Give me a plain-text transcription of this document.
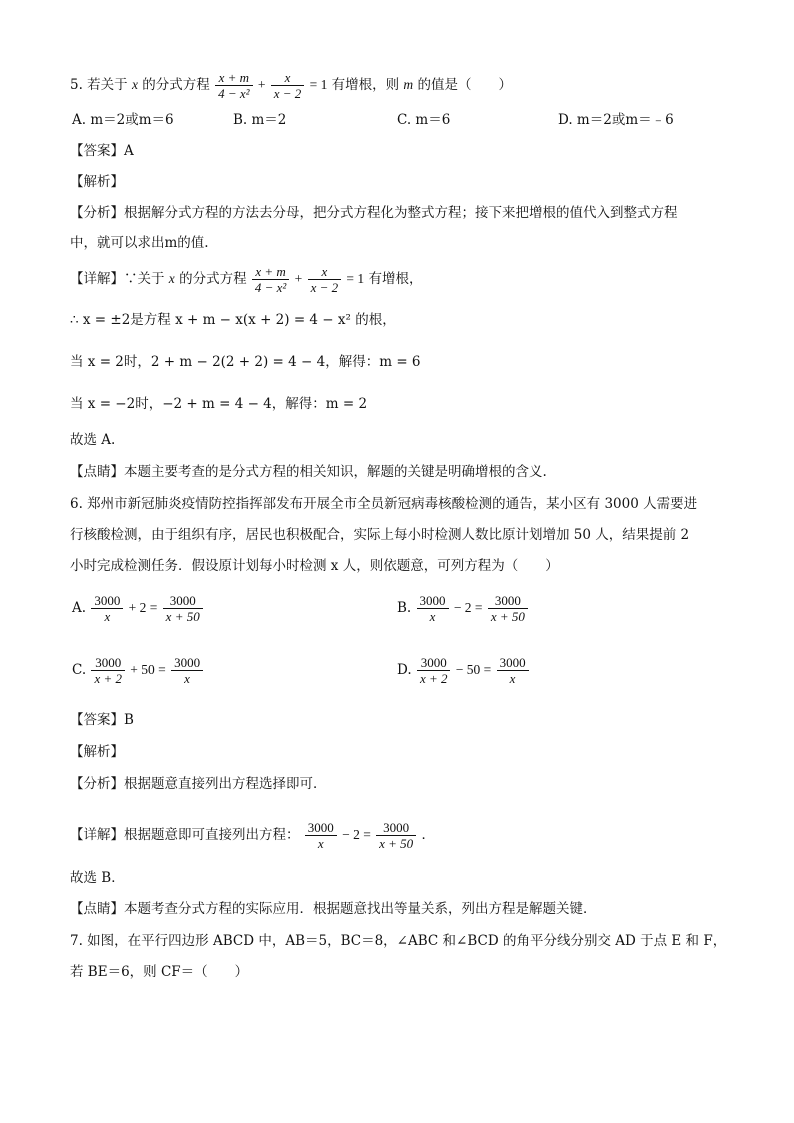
5. 若关于 x 的分式方程 $\frac{x + m}{\text{4 − x²}} + \frac{x}{x - 2} = 1$ 有增根，则 m 的值是（　　）
A. m＝2或m＝6	B. m＝2	C. m＝6	D. m＝2或m＝﹣6
【答案】A
【解析】
【分析】根据解分式方程的方法去分母，把分式方程化为整式方程；接下来把增根的值代入到整式方程
中，就可以求出m的值.
【详解】∵关于 x 的分式方程 $\frac{x + m}{\text{4 − x²}} + \frac{x}{x - 2} = 1$ 有增根，
∴ x = ±2是方程 x + m − x(x + 2) = 4 − x² 的根，
当 x = 2时，2 + m − 2(2 + 2) = 4 − 4，解得：m = 6
当 x = −2时，−2 + m = 4 − 4，解得：m = 2
故选 A.
【点睛】本题主要考查的是分式方程的相关知识，解题的关键是明确增根的含义.
6. 郑州市新冠肺炎疫情防控指挥部发布开展全市全员新冠病毒核酸检测的通告，某小区有 3000 人需要进
行核酸检测，由于组织有序，居民也积极配合，实际上每小时检测人数比原计划增加 50 人，结果提前 2
小时完成检测任务．假设原计划每小时检测 x 人，则依题意，可列方程为（　　）
A. $\frac{3000}{x} + 2 = \frac{3000}{x + 50}$	B. $\frac{3000}{x} - 2 = \frac{3000}{x + 50}$
C. $\frac{3000}{x + 2} + 50 = \frac{3000}{x}$	D. $\frac{3000}{x + 2} - 50 = \frac{3000}{x}$
【答案】B
【解析】
【分析】根据题意直接列出方程选择即可．
【详解】根据题意即可直接列出方程： $\frac{3000}{x} - 2 = \frac{3000}{x + 50}$ ．
故选 B．
【点睛】本题考查分式方程的实际应用．根据题意找出等量关系，列出方程是解题关键．
7. 如图，在平行四边形 ABCD 中，AB＝5，BC＝8，∠ABC 和∠BCD 的角平分线分别交 AD 于点 E 和 F，
若 BE＝6，则 CF＝（　　）
